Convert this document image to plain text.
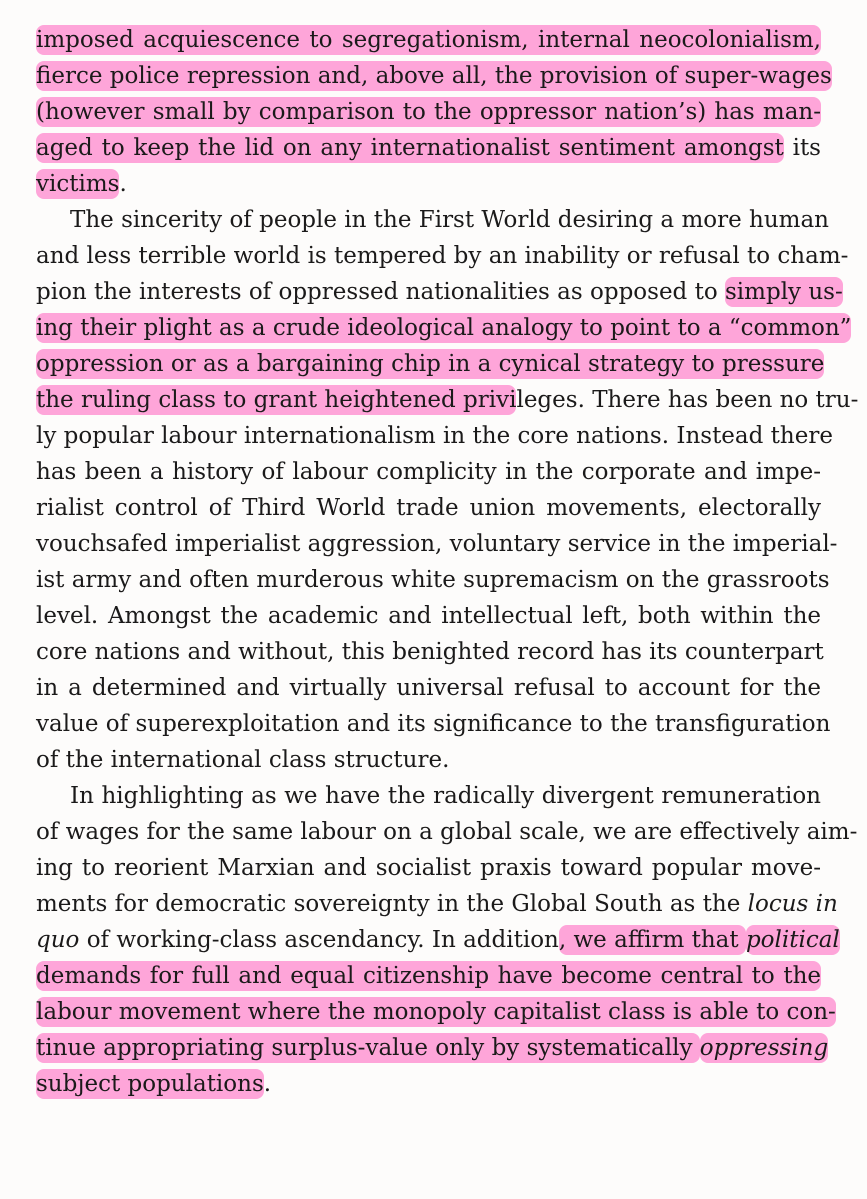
imposed acquiescence to segregationism, internal neocolonialism,
fierce police repression and, above all, the provision of super-wages
(however small by comparison to the oppressor nation’s) has man-
aged to keep the lid on any internationalist sentiment amongst its
victims.
The sincerity of people in the First World desiring a more human
and less terrible world is tempered by an inability or refusal to cham-
pion the interests of oppressed nationalities as opposed to simply us-
ing their plight as a crude ideological analogy to point to a “common”
oppression or as a bargaining chip in a cynical strategy to pressure
the ruling class to grant heightened privileges. There has been no tru-
ly popular labour internationalism in the core nations. Instead there
has been a history of labour complicity in the corporate and impe-
rialist control of Third World trade union movements, electorally
vouchsafed imperialist aggression, voluntary service in the imperial-
ist army and often murderous white supremacism on the grassroots
level. Amongst the academic and intellectual left, both within the
core nations and without, this benighted record has its counterpart
in a determined and virtually universal refusal to account for the
value of superexploitation and its significance to the transfiguration
of the international class structure.
In highlighting as we have the radically divergent remuneration
of wages for the same labour on a global scale, we are effectively aim-
ing to reorient Marxian and socialist praxis toward popular move-
ments for democratic sovereignty in the Global South as the locus in
quo of working-class ascendancy. In addition, we affirm that political
demands for full and equal citizenship have become central to the
labour movement where the monopoly capitalist class is able to con-
tinue appropriating surplus-value only by systematically oppressing
subject populations.
